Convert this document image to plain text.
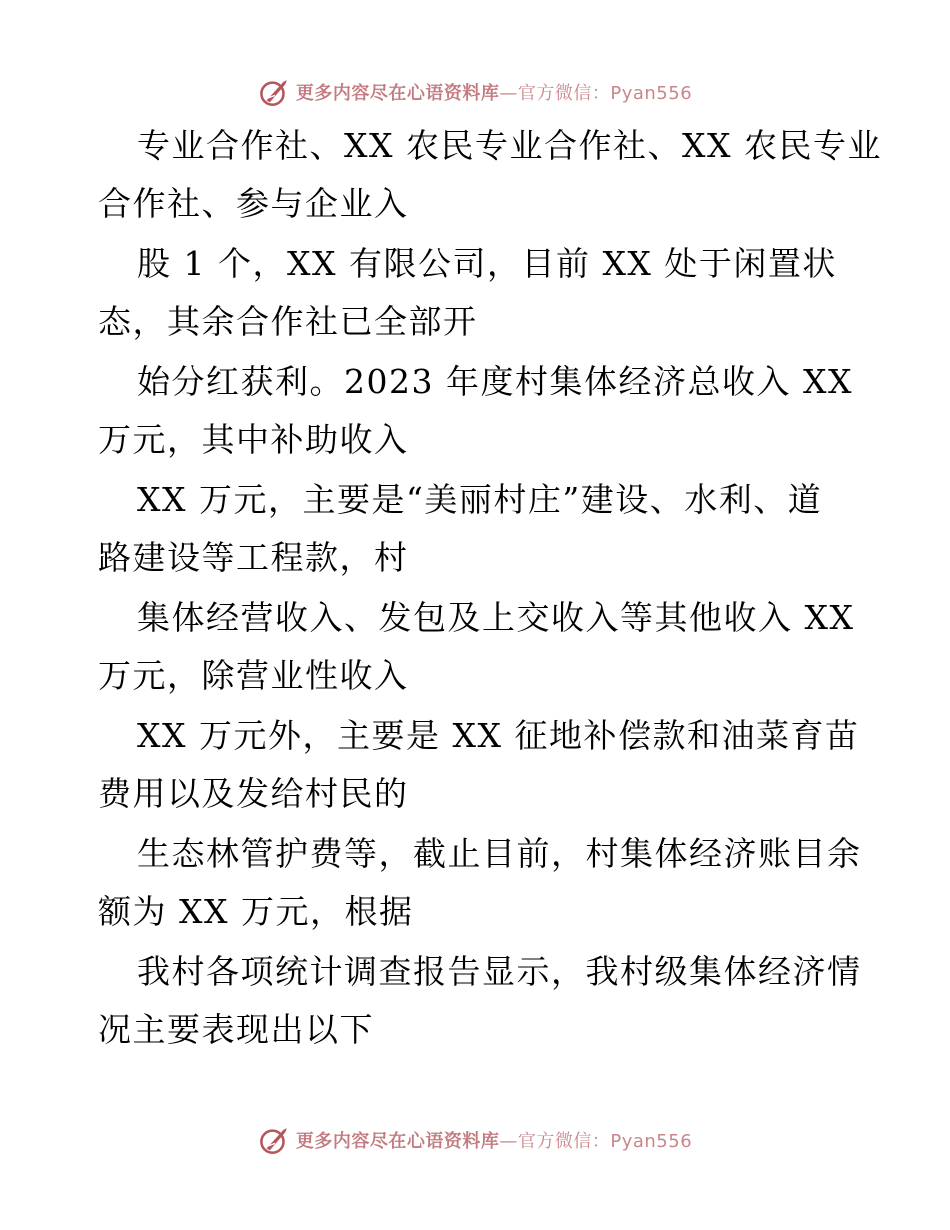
更多内容尽在心语资料库—官方微信：Pyan556
专业合作社、XX 农民专业合作社、XX 农民专业
合作社、参与企业入
股 1 个，XX 有限公司，目前 XX 处于闲置状
态，其余合作社已全部开
始分红获利。2023 年度村集体经济总收入 XX
万元，其中补助收入
XX 万元，主要是“美丽村庄”建设、水利、道
路建设等工程款，村
集体经营收入、发包及上交收入等其他收入 XX
万元，除营业性收入
XX 万元外，主要是 XX 征地补偿款和油菜育苗
费用以及发给村民的
生态林管护费等，截止目前，村集体经济账目余
额为 XX 万元，根据
我村各项统计调查报告显示，我村级集体经济情
况主要表现出以下
更多内容尽在心语资料库—官方微信：Pyan556
